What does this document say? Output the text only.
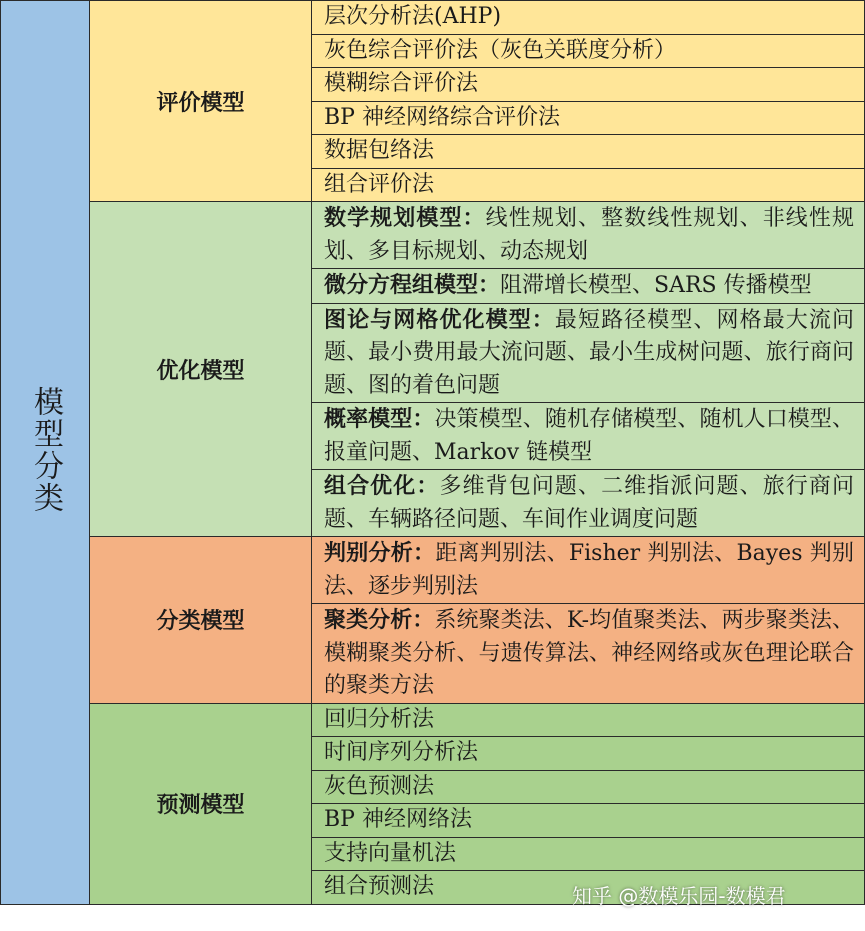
模型分类	评价模型	层次分析法(AHP)
		灰色综合评价法（灰色关联度分析）
		模糊综合评价法
		BP 神经网络综合评价法
		数据包络法
		组合评价法
	优化模型	数学规划模型：线性规划、整数线性规划、非线性规划、多目标规划、动态规划
		微分方程组模型：阻滞增长模型、SARS 传播模型
		图论与网格优化模型：最短路径模型、网格最大流问题、最小费用最大流问题、最小生成树问题、旅行商问题、图的着色问题
		概率模型：决策模型、随机存储模型、随机人口模型、报童问题、Markov 链模型
		组合优化：多维背包问题、二维指派问题、旅行商问题、车辆路径问题、车间作业调度问题
	分类模型	判别分析：距离判别法、Fisher 判别法、Bayes 判别法、逐步判别法
		聚类分析：系统聚类法、K-均值聚类法、两步聚类法、模糊聚类分析、与遗传算法、神经网络或灰色理论联合的聚类方法
	预测模型	回归分析法
		时间序列分析法
		灰色预测法
		BP 神经网络法
		支持向量机法
		组合预测法	知乎 @数模乐园-数模君
